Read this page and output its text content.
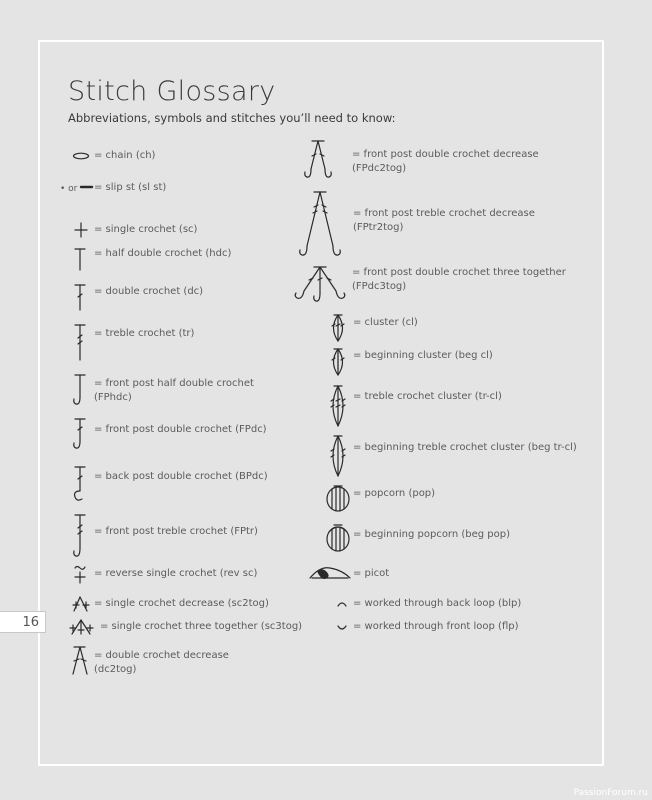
Stitch Glossary
Abbreviations, symbols and stitches you’ll need to know:
16
= chain (ch)
• or = slip st (sl st)
= single crochet (sc)
= half double crochet (hdc)
= double crochet (dc)
= treble crochet (tr)
= front post half double crochet
(FPhdc)
= front post double crochet (FPdc)
= back post double crochet (BPdc)
= front post treble crochet (FPtr)
= reverse single crochet (rev sc)
= single crochet decrease (sc2tog)
= single crochet three together (sc3tog)
= double crochet decrease
(dc2tog)
= front post double crochet decrease
(FPdc2tog)
= front post treble crochet decrease
(FPtr2tog)
= front post double crochet three together
(FPdc3tog)
= cluster (cl)
= beginning cluster (beg cl)
= treble crochet cluster (tr-cl)
= beginning treble crochet cluster (beg tr-cl)
= popcorn (pop)
= beginning popcorn (beg pop)
= picot
= worked through back loop (blp)
= worked through front loop (flp)
PassionForum.ru
